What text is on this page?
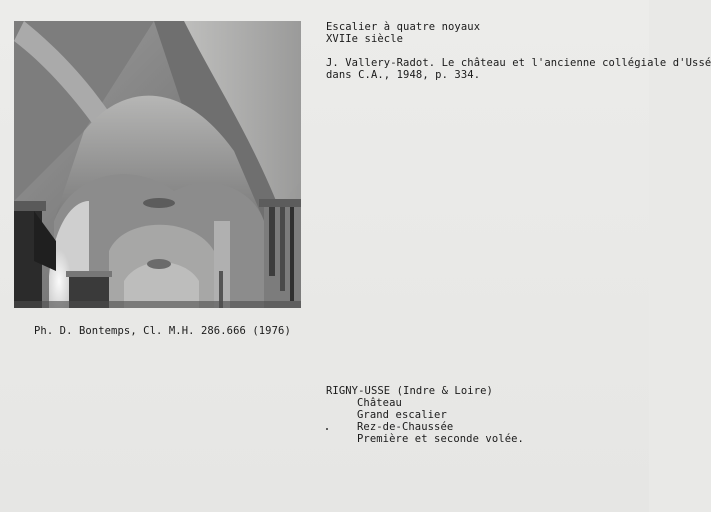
Escalier à quatre noyaux
XVIIe siècle
J. Vallery-Radot. Le château et l'ancienne collégiale d'Ussé
dans C.A., 1948, p. 334.
Ph. D. Bontemps, Cl. M.H. 286.666 (1976)
RIGNY-USSE (Indre & Loire)
Château
Grand escalier
Rez-de-Chaussée
Première et seconde volée.
